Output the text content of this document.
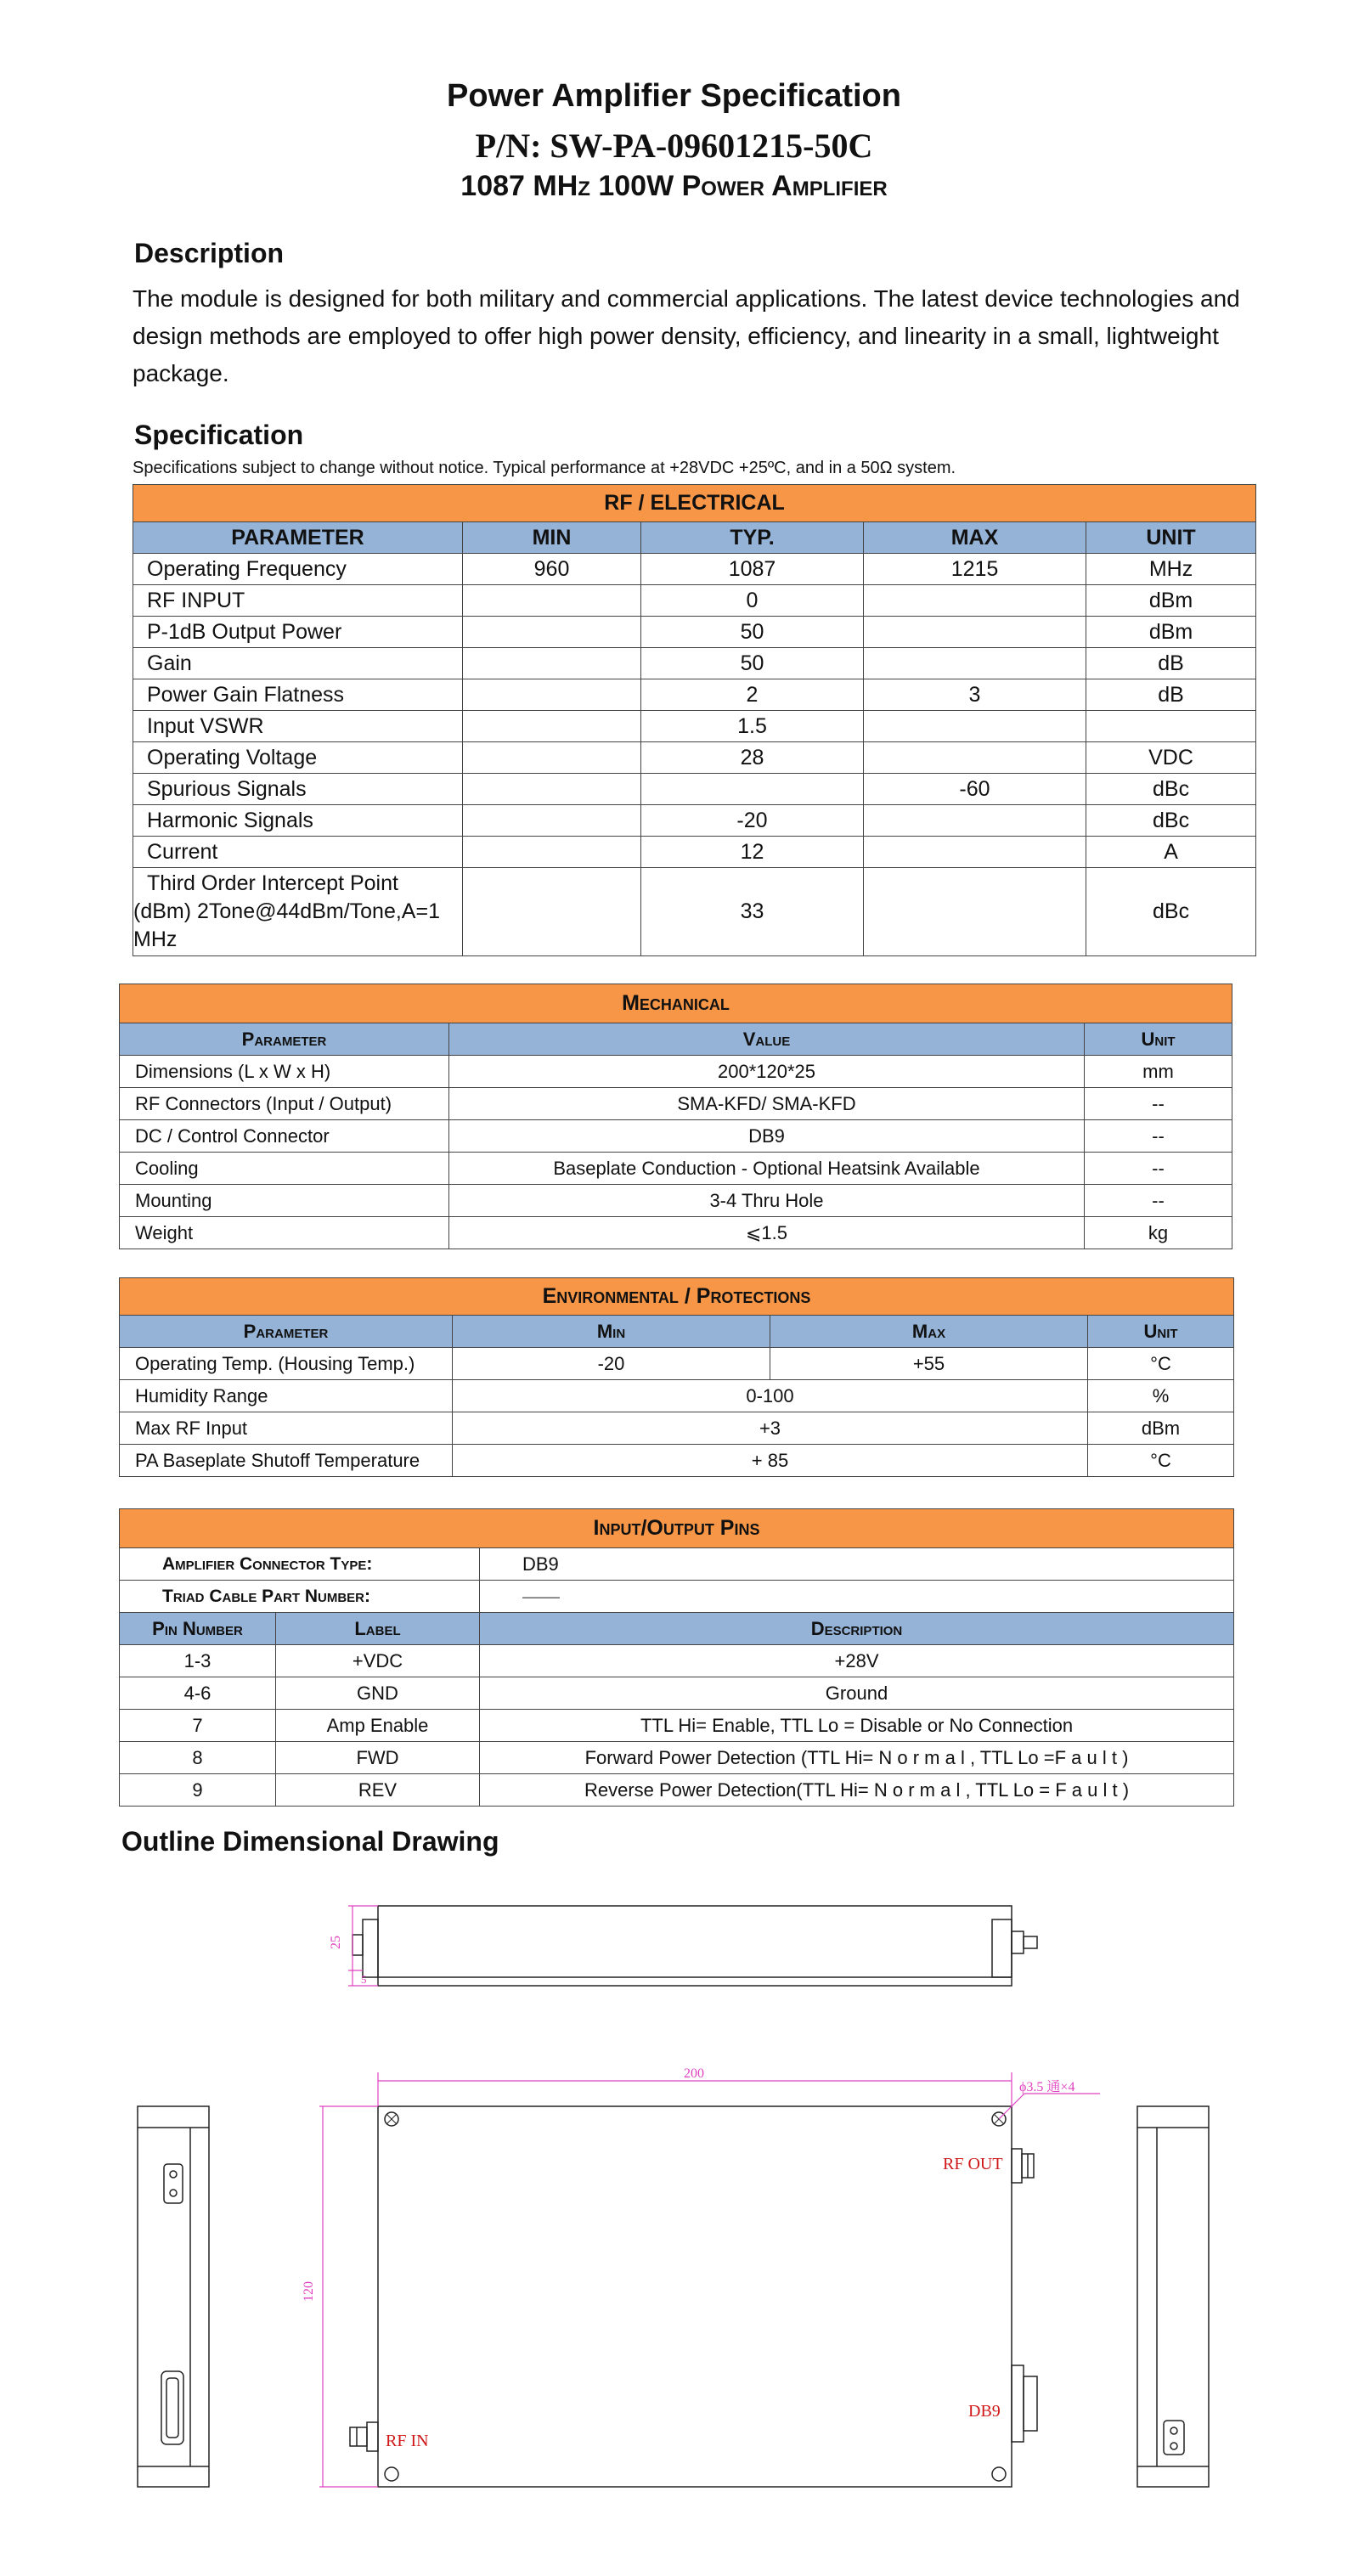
Power Amplifier Specification
P/N: SW-PA-09601215-50C
1087 MHz 100W Power Amplifier
Description
The module is designed for both military and commercial applications. The latest device technologies and design methods are employed to offer high power density, efficiency, and linearity in a small, lightweight package.
Specification
Specifications subject to change without notice. Typical performance at +28VDC +25ºC, and in a 50Ω system.
RF / ELECTRICAL				
PARAMETER	MIN	TYP.	MAX	UNIT
Operating Frequency	960	1087	1215	MHz
RF INPUT		0		dBm
P-1dB Output Power		50		dBm
Gain		50		dB
Power Gain Flatness		2	3	dB
Input VSWR		1.5		
Operating Voltage		28		VDC
Spurious Signals			-60	dBc
Harmonic Signals		-20		dBc
Current		12		A

Third Order Intercept Point
(dBm) 2Tone@44dBm/Tone,A=1
MHz		33		dBc
Mechanical		
Parameter	Value	Unit
Dimensions (L x W x H)	200*120*25	mm
RF Connectors (Input / Output)	SMA-KFD/ SMA-KFD	--
DC / Control Connector	DB9	--
Cooling	Baseplate Conduction - Optional Heatsink Available	--
Mounting	3-4 Thru Hole	--
Weight	⩽1.5	kg
Environmental / Protections			
Parameter	Min	Max	Unit
Operating Temp. (Housing Temp.)	-20	+55	°C
Humidity Range	0-100		%
Max RF Input	+3		dBm
PA Baseplate Shutoff Temperature	+ 85		°C
Input/Output Pins		
Amplifier Connector Type:		DB9
Triad Cable Part Number:		——
Pin Number	Label	Description
1-3	+VDC	+28V
4-6	GND	Ground
7	Amp Enable	TTL Hi= Enable, TTL Lo = Disable or No Connection
8	FWD	Forward Power Detection (TTL Hi= N o r m a l , TTL Lo =F a u l t )
9	REV	Reverse Power Detection(TTL Hi= N o r m a l , TTL Lo = F a u l t )
Outline Dimensional Drawing
25
5
200
120
ϕ3.5 通×4
RF OUT
RF IN
DB9
